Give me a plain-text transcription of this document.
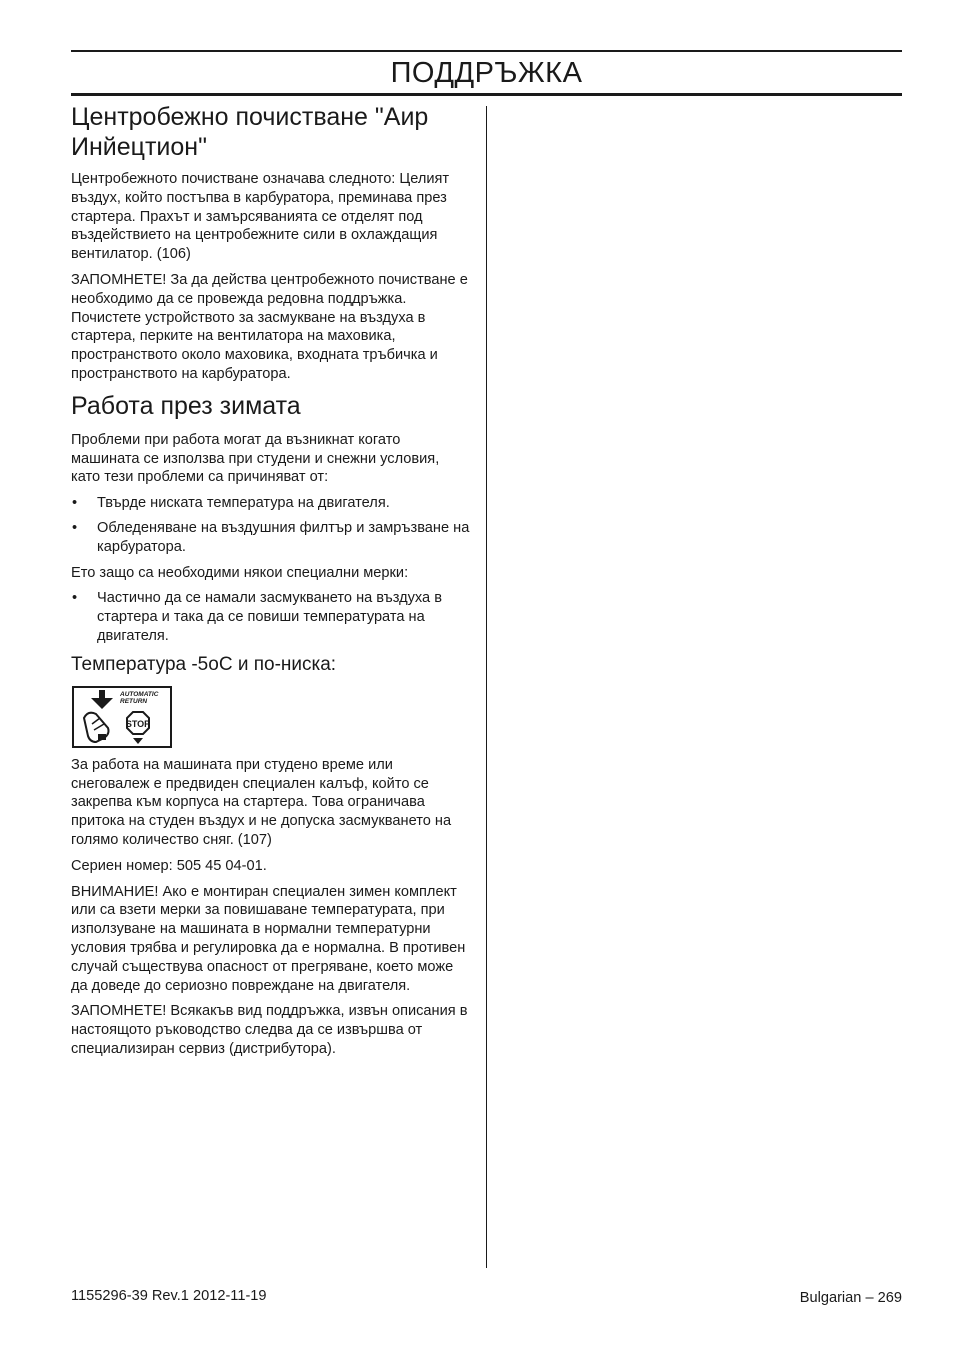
ПОДДРЪЖКА
Центробежно почистване "Аир Инйецтион"

Центробежното почистване означава следното: Целият въздух, който постъпва в карбуратора, преминава през стартера. Прахът и замърсяванията се отделят под въздействието на центробежните сили в охлаждащия вентилатор. (106)

ЗАПОМНЕТЕ! За да действа центробежното почистване е необходимо да се провежда редовна поддръжка. Почистете устройството за засмукване на въздуха в стартера, перките на вентилатора на маховика, пространството около маховика, входната тръбичка и пространството на карбуратора.

Работа през зимата

Проблеми при работа могат да възникнат когато машината се използва при студени и снежни условия, като тези проблеми са причиняват от:

• Твърде ниската температура на двигателя.
• Обледеняване на въздушния филтър и замръзване на карбуратора.

Ето защо са необходими някои специални мерки:

• Частично да се намали засмукването на въздуха в стартера и така да се повиши температурата на двигателя.
Температура -5оС и по-ниска:
STOP
AUTOMATIC
RETURN

За работа на машината при студено време или снеговалеж е предвиден специален калъф, който се закрепва към корпуса на стартера. Това ограничава притока на студен въздух и не допуска засмукването на голямо количество сняг. (107)

Сериен номер: 505 45 04-01.

ВНИМАНИЕ! Ако е монтиран специален зимен комплект или са взети мерки за повишаване температурата, при използуване на машината в нормални температурни условия трябва и регулировка да е нормална. В противен случай съществува опасност от прегряване, което може да доведе до сериозно повреждане на двигателя.

ЗАПОМНЕТЕ! Всякакъв вид поддръжка, извън описания в настоящото ръководство следва да се извършва от специализиран сервиз (дистрибутора).

1155296-39 Rev.1 2012-11-19	Bulgarian – 269
